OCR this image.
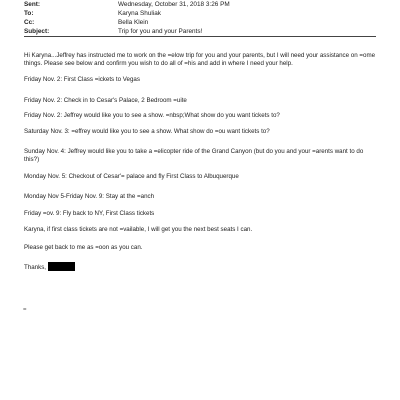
Sent:	Wednesday, October 31, 2018 3:26 PM
To:	Karyna Shuliak
Cc:	Bella Klein
Subject:	Trip for you and your Parents!

Hi Karyna...Jeffrey has instructed me to work on the =elow trip for you and your parents, but I will need your assistance on =ome things. Please see below and confirm you wish to do all of =his and add in where I need your help.

Friday Nov. 2: First Class =ickets to Vegas

Friday Nov. 2: Check in to Cesar's Palace, 2 Bedroom =uite

Friday Nov. 2: Jeffrey would like you to see a show. =nbsp;What show do you want tickets to?

Saturday Nov. 3: =effrey would like you to see a show. What show do =ou want tickets to?

Sunday Nov. 4: Jeffrey would like you to take a =elicopter ride of the Grand Canyon (but do you and your =arents want to do this?)

Monday Nov. 5: Checkout of Cesar'= palace and fly First Class to Albuquerque

Monday Nov 5-Friday Nov. 9: Stay at the =anch

Friday =ov. 9: Fly back to NY, First Class tickets

Karyna, if first class tickets are not =vailable, I will get you the next best seats I can.

Please get back to me as =oon as you can.

Thanks,

=
